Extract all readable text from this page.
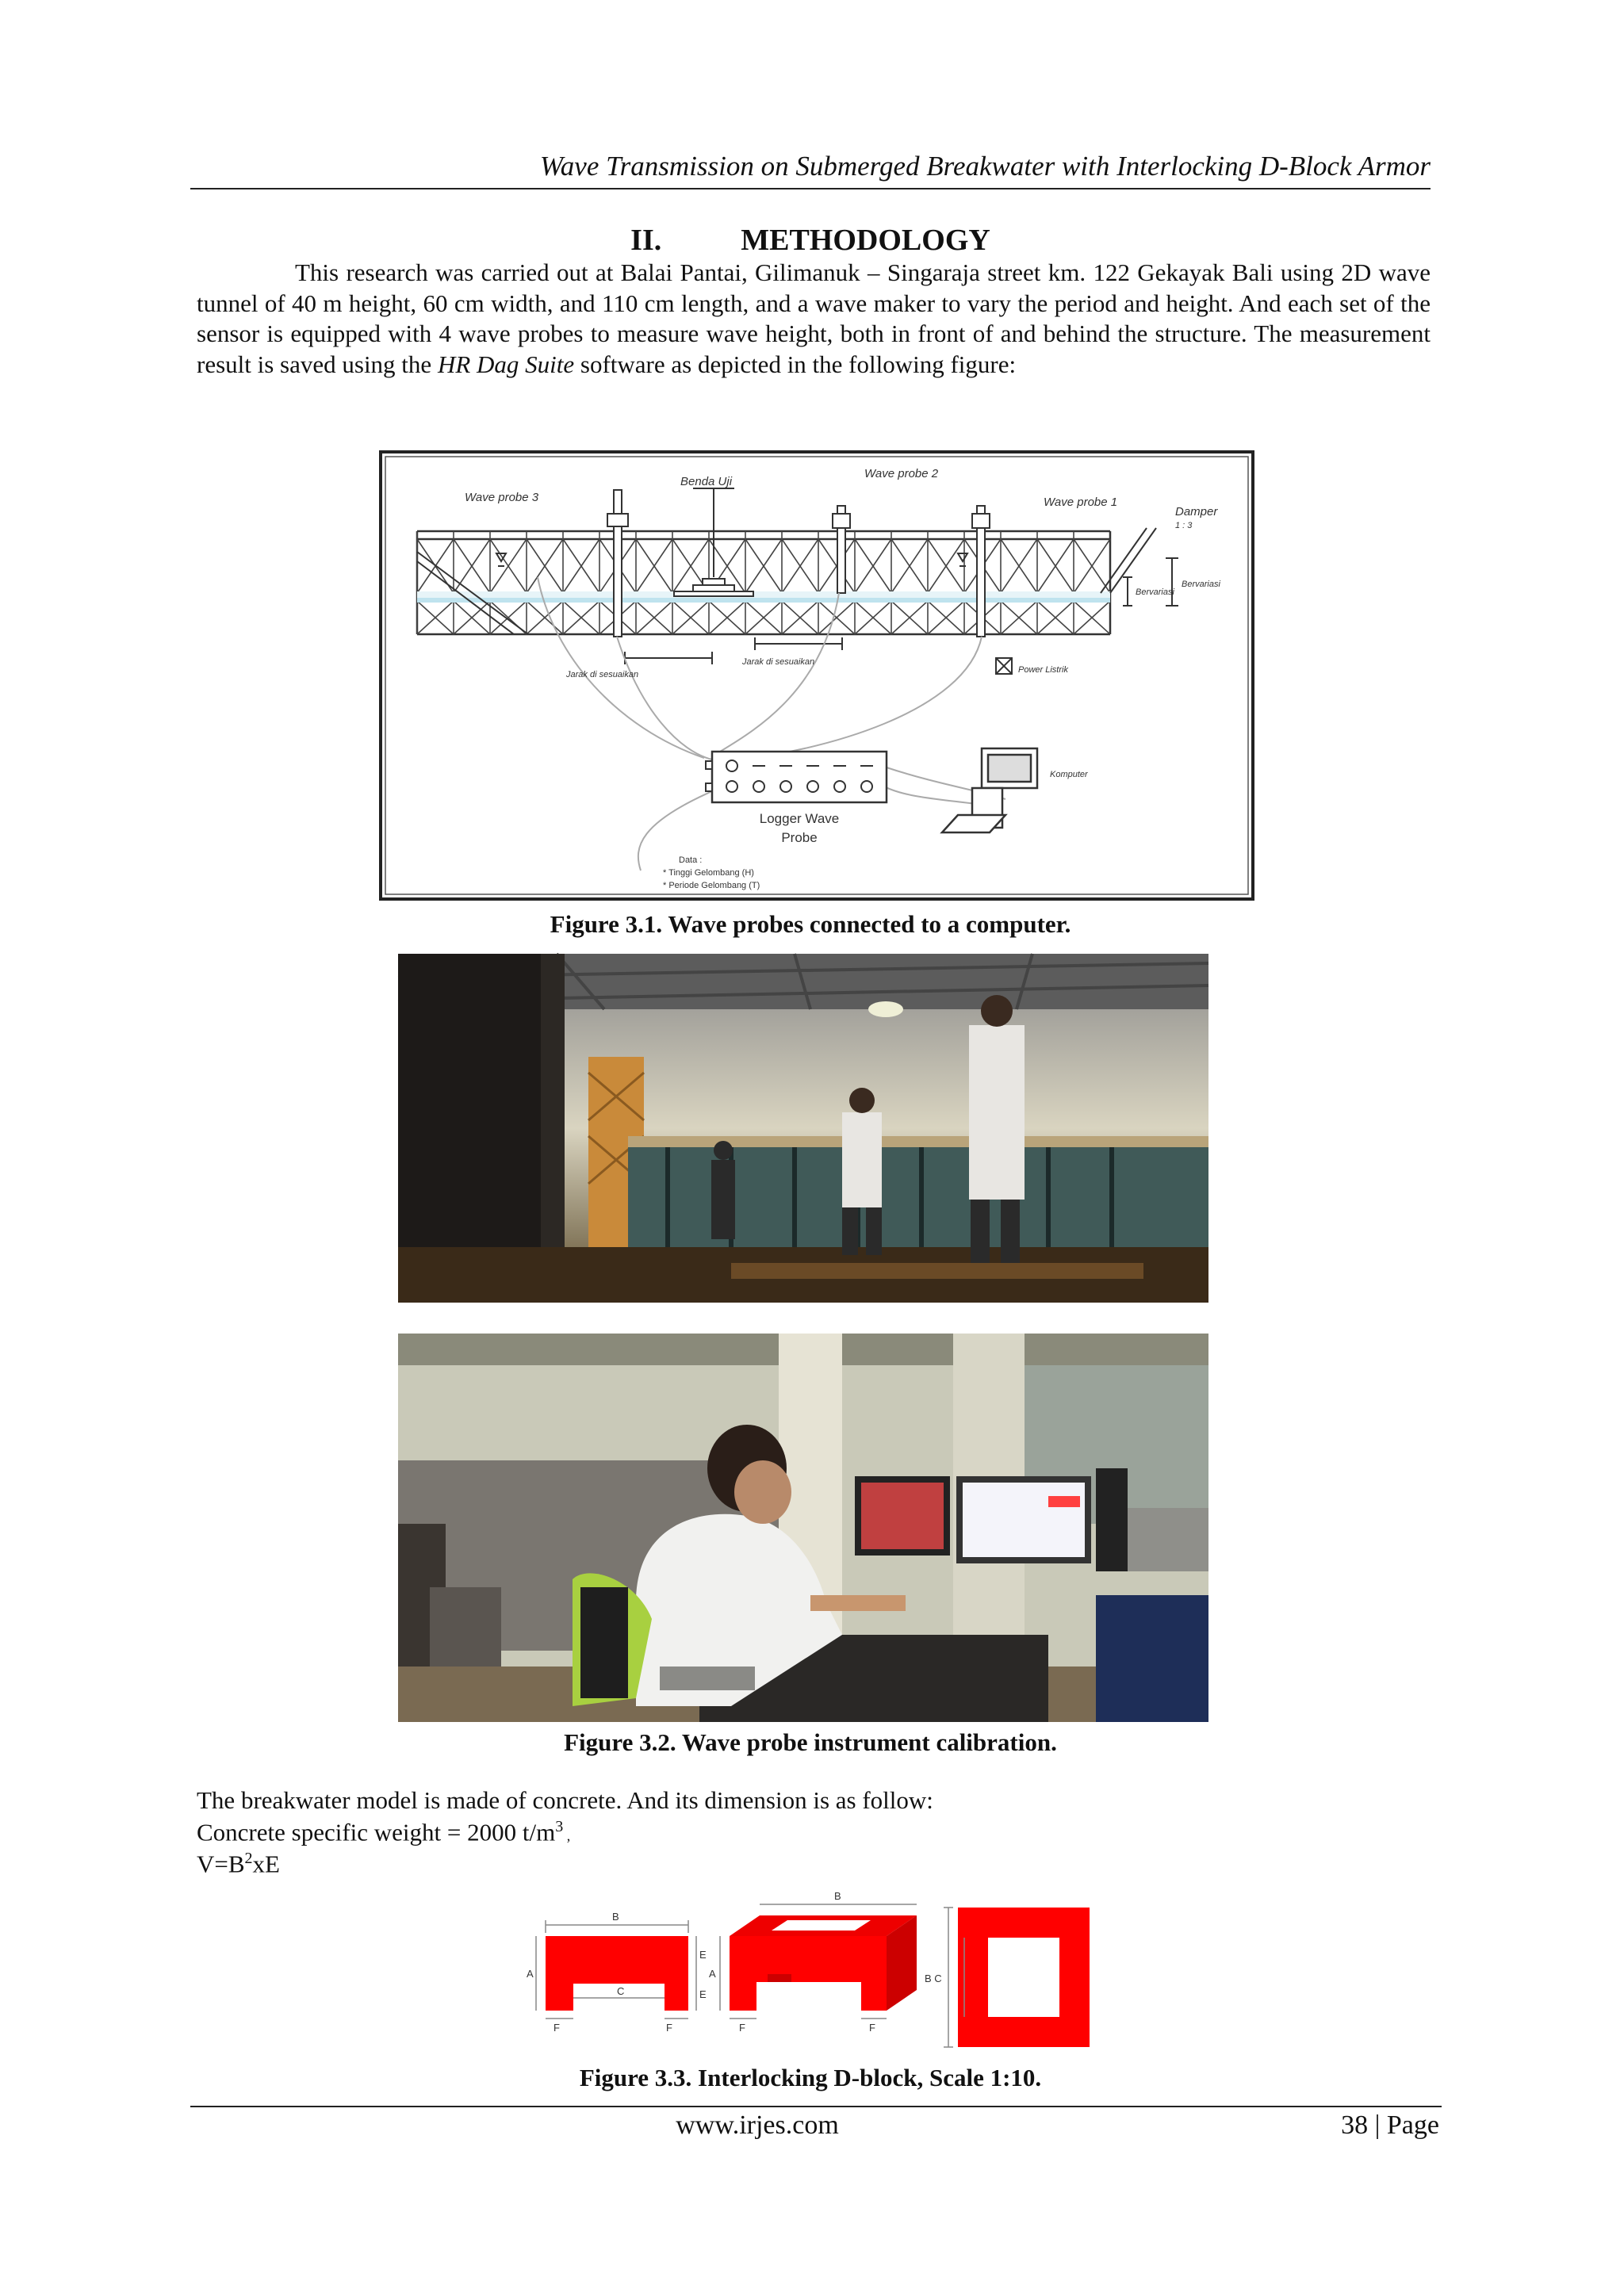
Wave Transmission on Submerged Breakwater with Interlocking D-Block Armor
II.	METHODOLOGY
This research was carried out at Balai Pantai, Gilimanuk – Singaraja street km. 122 Gekayak Bali using 2D wave tunnel of 40 m height, 60 cm width, and 110 cm length, and a wave maker to vary the period and height. And each set of the sensor is equipped with 4 wave probes to measure wave height, both in front of and behind the structure. The measurement result is saved using the HR Dag Suite software as depicted in the following figure:
Wave probe 3
Benda Uji
Wave probe 2
Wave probe 1
Damper
1 : 3
Bervariasi
Bervariasi
Jarak di sesuaikan
Jarak di sesuaikan
Power Listrik
Komputer
Logger Wave
Probe
Data :
* Tinggi Gelombang (H)
* Periode Gelombang (T)
Figure 3.1. Wave probes connected to a computer.
Figure 3.2. Wave probe instrument calibration.
The breakwater model is made of concrete. And its dimension is as follow:
Concrete specific weight = 2000 $t/m^3$ ,
$V=B^2xE$
B
A
C
E
E
F	F
B
A
F	F
B C
Figure 3.3. Interlocking D-block, Scale 1:10.
www.irjes.com	38 | Page
